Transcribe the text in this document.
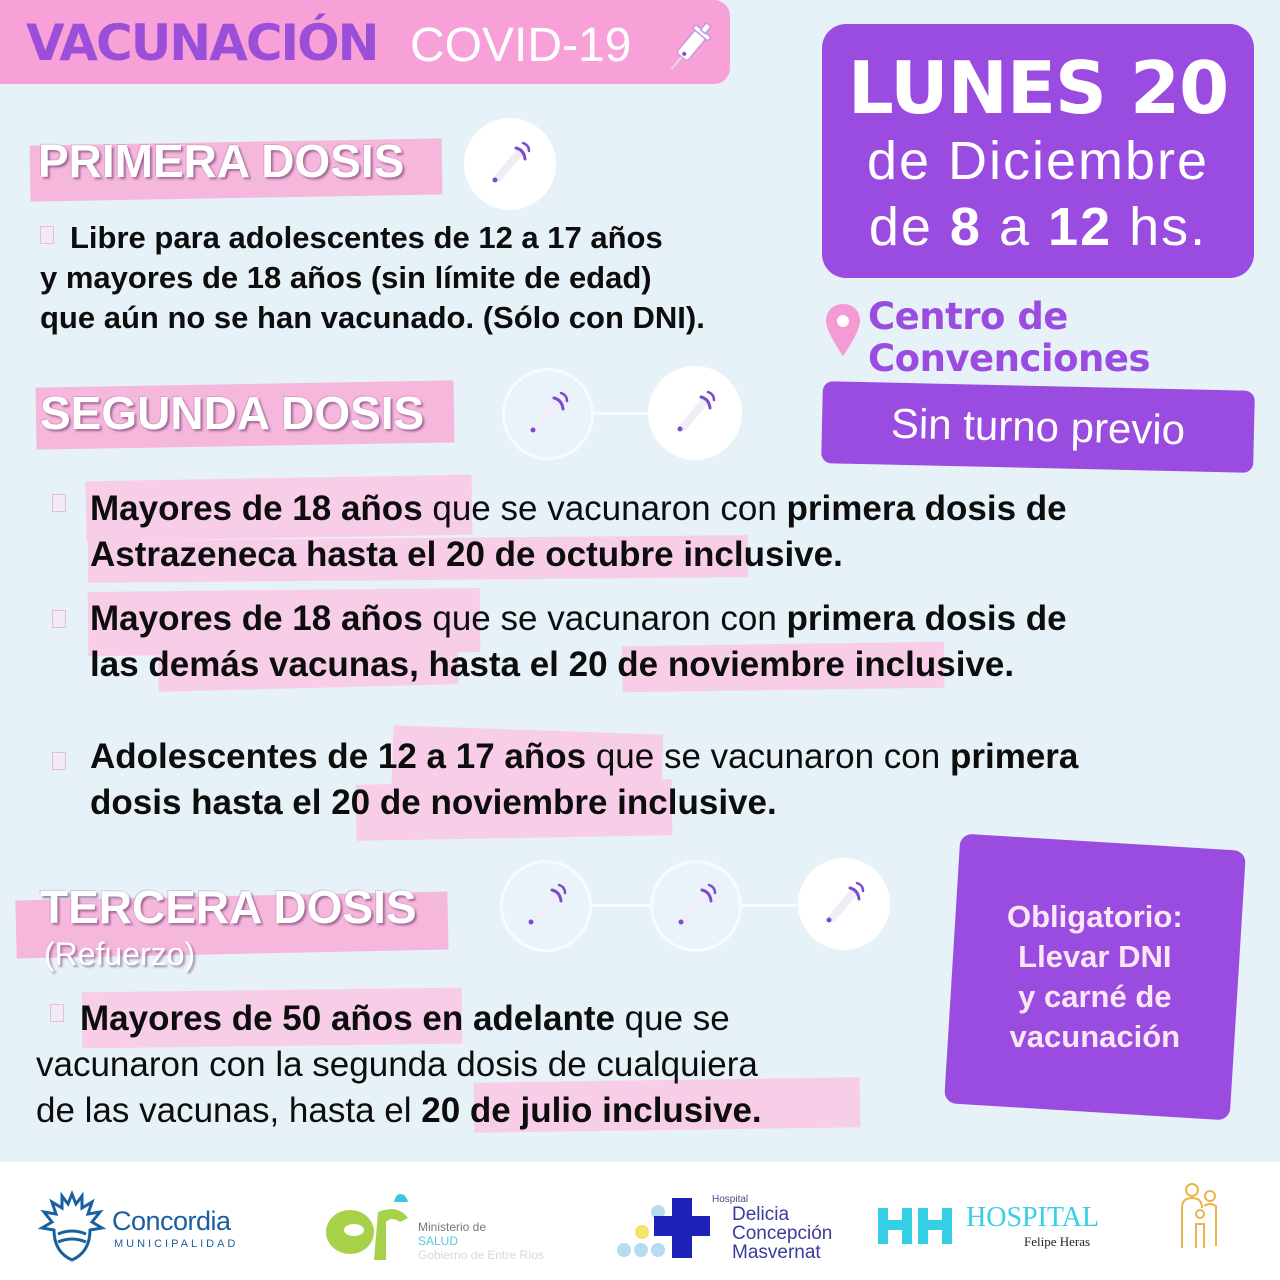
VACUNACIÓN COVID-19
PRIMERA DOSIS
Libre para adolescentes de 12 a 17 años
y mayores de 18 años (sin límite de edad)
que aún no se han vacunado. (Sólo con DNI).
SEGUNDA DOSIS
Mayores de 18 años que se vacunaron con primera dosis de
Astrazeneca hasta el 20 de octubre inclusive.
Mayores de 18 años que se vacunaron con primera dosis de
las demás vacunas, hasta el 20 de noviembre inclusive.
Adolescentes de 12 a 17 años que se vacunaron con primera
dosis hasta el 20 de noviembre inclusive.
TERCERA DOSIS
(Refuerzo)
Mayores de 50 años en adelante que se
vacunaron con la segunda dosis de cualquiera
de las vacunas, hasta el 20 de julio inclusive.
LUNES 20
de Diciembre
de 8 a 12 hs.
Centro de
Convenciones
Sin turno previo
Obligatorio:
Llevar DNI
y carné de
vacunación
Concordia
MUNICIPALIDAD
Ministerio de
SALUD
Gobierno de Entre Ríos
Hospital
Delicia
Concepción
Masvernat
HOSPITAL
Felipe Heras
